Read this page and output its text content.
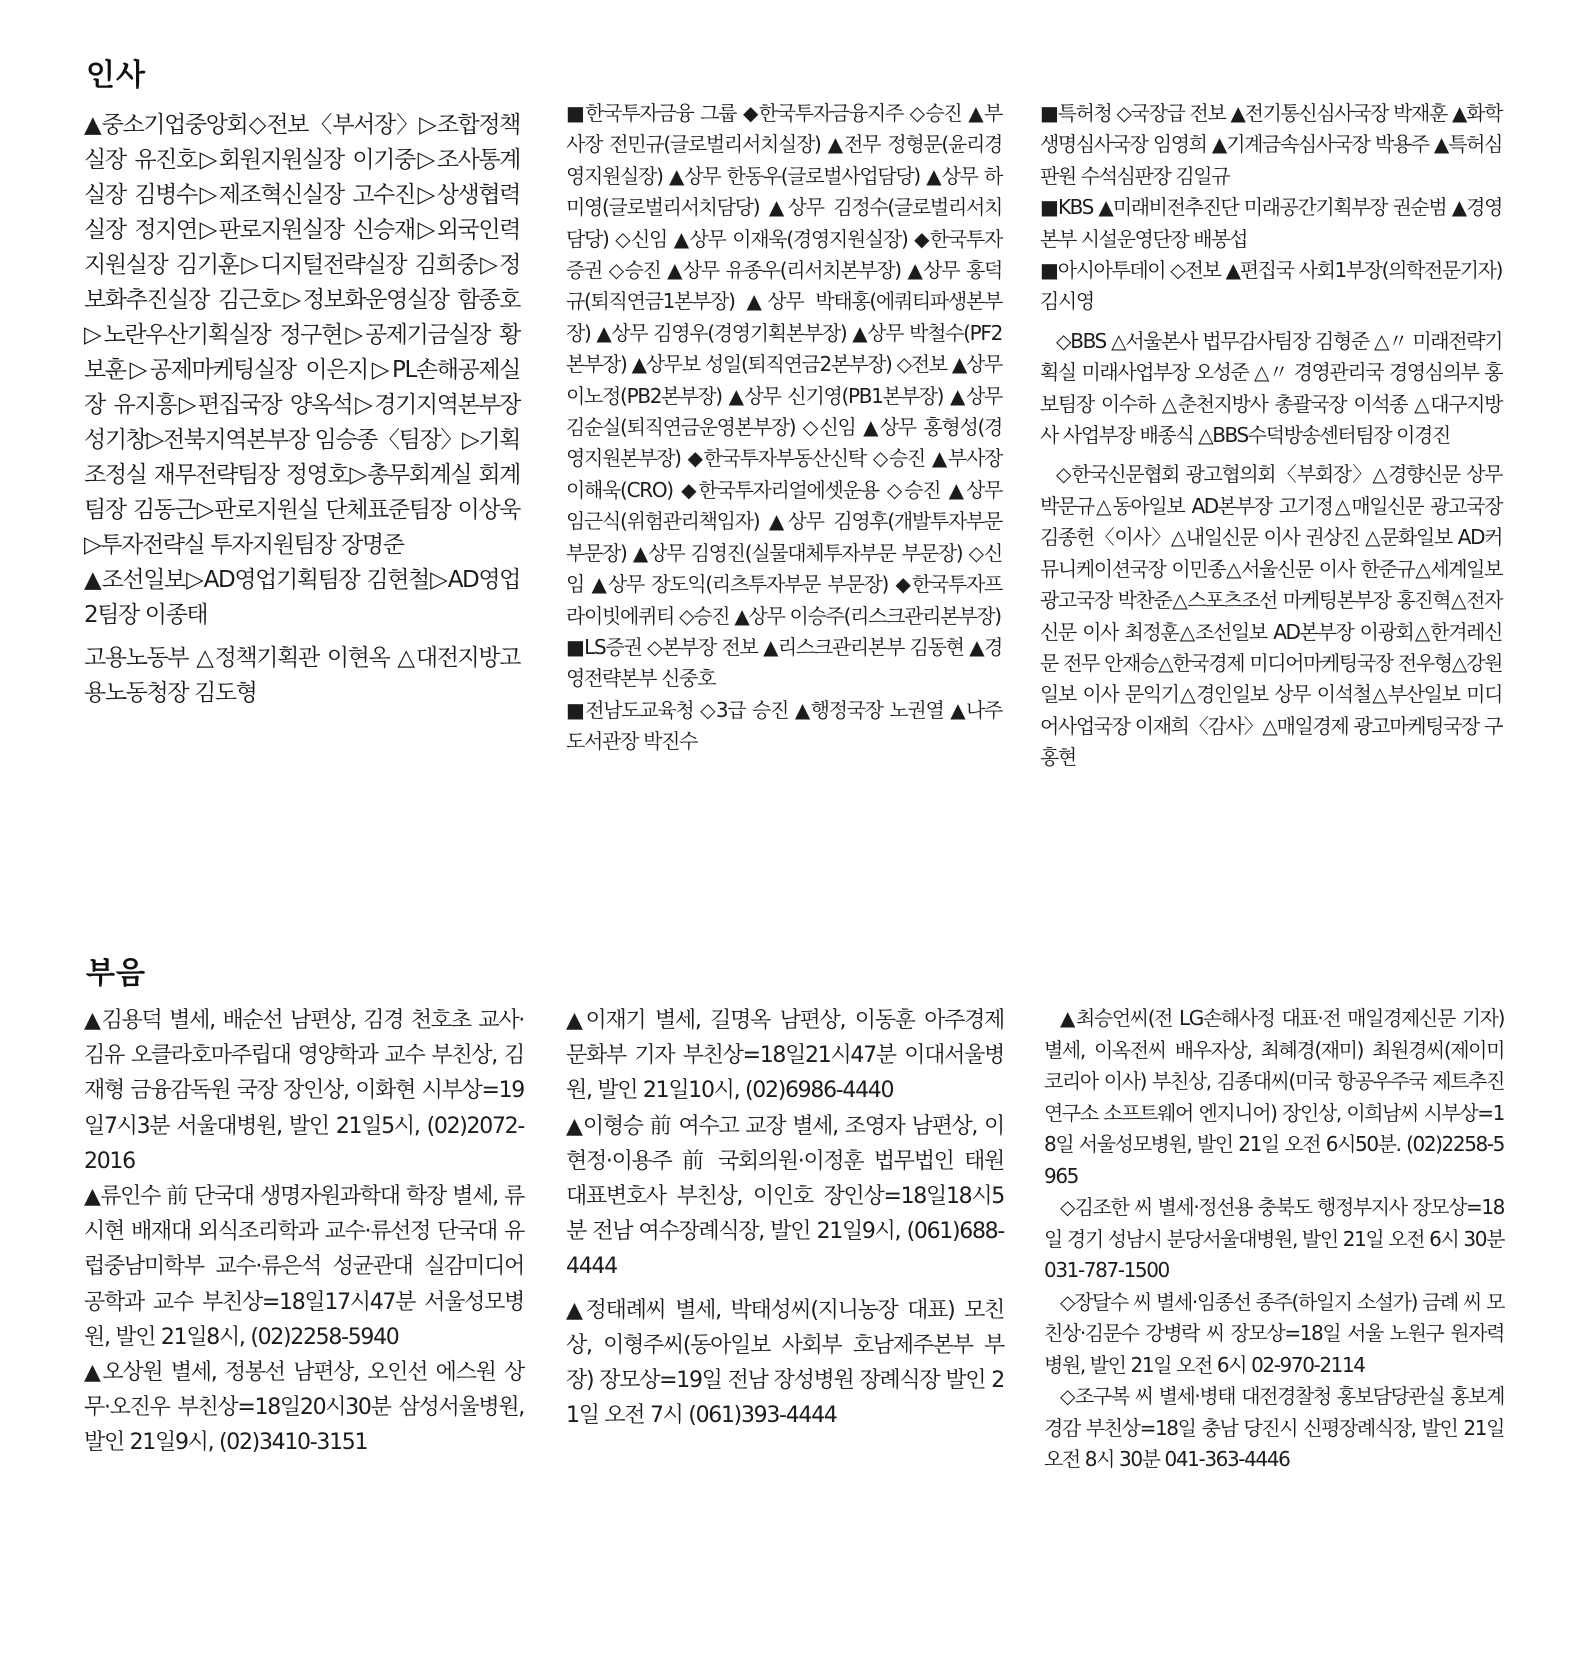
인사

▲중소기업중앙회◇전보〈부서장〉▷조합정책실장 유진호▷회원지원실장 이기중▷조사통계실장 김병수▷제조혁신실장 고수진▷상생협력실장 정지연▷판로지원실장 신승재▷외국인력지원실장 김기훈▷디지털전략실장 김희중▷정보화추진실장 김근호▷정보화운영실장 함종호▷노란우산기획실장 정구현▷공제기금실장 황보훈▷공제마케팅실장 이은지▷PL손해공제실장 유지흥▷편집국장 양옥석▷경기지역본부장 성기창▷전북지역본부장 임승종〈팀장〉▷기획조정실 재무전략팀장 정영호▷총무회계실 회계팀장 김동근▷판로지원실 단체표준팀장 이상욱▷투자전략실 투자지원팀장 장명준

▲조선일보▷AD영업기획팀장 김현철▷AD영업2팀장 이종태

고용노동부 △정책기획관 이현옥 △대전지방고용노동청장 김도형

■한국투자금융 그룹 ◆한국투자금융지주 ◇승진 ▲부사장 전민규(글로벌리서치실장) ▲전무 정형문(윤리경영지원실장) ▲상무 한동우(글로벌사업담당) ▲상무 하미영(글로벌리서치담당) ▲상무 김정수(글로벌리서치담당) ◇신임 ▲상무 이재욱(경영지원실장) ◆한국투자증권 ◇승진 ▲상무 유종우(리서치본부장) ▲상무 홍덕규(퇴직연금1본부장) ▲상무 박태홍(에쿼티파생본부장) ▲상무 김영우(경영기획본부장) ▲상무 박철수(PF2본부장) ▲상무보 성일(퇴직연금2본부장) ◇전보 ▲상무 이노정(PB2본부장) ▲상무 신기영(PB1본부장) ▲상무 김순실(퇴직연금운영본부장) ◇신임 ▲상무 홍형성(경영지원본부장) ◆한국투자부동산신탁 ◇승진 ▲부사장 이해욱(CRO) ◆한국투자리얼에셋운용 ◇승진 ▲상무 임근식(위험관리책임자) ▲상무 김영후(개발투자부문 부문장) ▲상무 김영진(실물대체투자부문 부문장) ◇신임 ▲상무 장도익(리츠투자부문 부문장) ◆한국투자프라이빗에퀴티 ◇승진 ▲상무 이승주(리스크관리본부장)

■LS증권 ◇본부장 전보 ▲리스크관리본부 김동현 ▲경영전략본부 신중호

■전남도교육청 ◇3급 승진 ▲행정국장 노권열 ▲나주도서관장 박진수

■특허청 ◇국장급 전보 ▲전기통신심사국장 박재훈 ▲화학생명심사국장 임영희 ▲기계금속심사국장 박용주 ▲특허심판원 수석심판장 김일규

■KBS ▲미래비전추진단 미래공간기획부장 권순범 ▲경영본부 시설운영단장 배봉섭

■아시아투데이 ◇전보 ▲편집국 사회1부장(의학전문기자) 김시영

◇BBS △서울본사 법무감사팀장 김형준 △〃 미래전략기획실 미래사업부장 오성준 △〃 경영관리국 경영심의부 홍보팀장 이수하 △춘천지방사 총괄국장 이석종 △대구지방사 사업부장 배종식 △BBS수덕방송센터팀장 이경진

◇한국신문협회 광고협의회〈부회장〉△경향신문 상무 박문규△동아일보 AD본부장 고기정△매일신문 광고국장 김종헌〈이사〉△내일신문 이사 권상진 △문화일보 AD커뮤니케이션국장 이민종△서울신문 이사 한준규△세계일보 광고국장 박찬준△스포츠조선 마케팅본부장 홍진혁△전자신문 이사 최정훈△조선일보 AD본부장 이광회△한겨레신문 전무 안재승△한국경제 미디어마케팅국장 전우형△강원일보 이사 문익기△경인일보 상무 이석철△부산일보 미디어사업국장 이재희〈감사〉△매일경제 광고마케팅국장 구홍현

부음

▲김용덕 별세, 배순선 남편상, 김경 천호초 교사·김유 오클라호마주립대 영양학과 교수 부친상, 김재형 금융감독원 국장 장인상, 이화현 시부상=19일7시3분 서울대병원, 발인 21일5시, (02)2072-2016

▲류인수 前 단국대 생명자원과학대 학장 별세, 류시현 배재대 외식조리학과 교수·류선정 단국대 유럽중남미학부 교수·류은석 성균관대 실감미디어공학과 교수 부친상=18일17시47분 서울성모병원, 발인 21일8시, (02)2258-5940

▲오상원 별세, 정봉선 남편상, 오인선 에스원 상무·오진우 부친상=18일20시30분 삼성서울병원, 발인 21일9시, (02)3410-3151

▲이재기 별세, 길명옥 남편상, 이동훈 아주경제 문화부 기자 부친상=18일21시47분 이대서울병원, 발인 21일10시, (02)6986-4440

▲이형승 前 여수고 교장 별세, 조영자 남편상, 이현정·이용주 前 국회의원·이정훈 법무법인 태원 대표변호사 부친상, 이인호 장인상=18일18시5분 전남 여수장례식장, 발인 21일9시, (061)688-4444

▲정태례씨 별세, 박태성씨(지니농장 대표) 모친상, 이형주씨(동아일보 사회부 호남제주본부 부장) 장모상=19일 전남 장성병원 장례식장 발인 21일 오전 7시 (061)393-4444

▲최승언씨(전 LG손해사정 대표·전 매일경제신문 기자) 별세, 이옥전씨 배우자상, 최혜경(재미) 최원경씨(제이미코리아 이사) 부친상, 김종대씨(미국 항공우주국 제트추진연구소 소프트웨어 엔지니어) 장인상, 이희남씨 시부상=18일 서울성모병원, 발인 21일 오전 6시50분. (02)2258-5965

◇김조한 씨 별세·정선용 충북도 행정부지사 장모상=18일 경기 성남시 분당서울대병원, 발인 21일 오전 6시 30분 031-787-1500

◇장달수 씨 별세·임종선 종주(하일지 소설가) 금례 씨 모친상·김문수 강병락 씨 장모상=18일 서울 노원구 원자력병원, 발인 21일 오전 6시 02-970-2114

◇조구복 씨 별세·병태 대전경찰청 홍보담당관실 홍보계 경감 부친상=18일 충남 당진시 신평장례식장, 발인 21일 오전 8시 30분 041-363-4446
